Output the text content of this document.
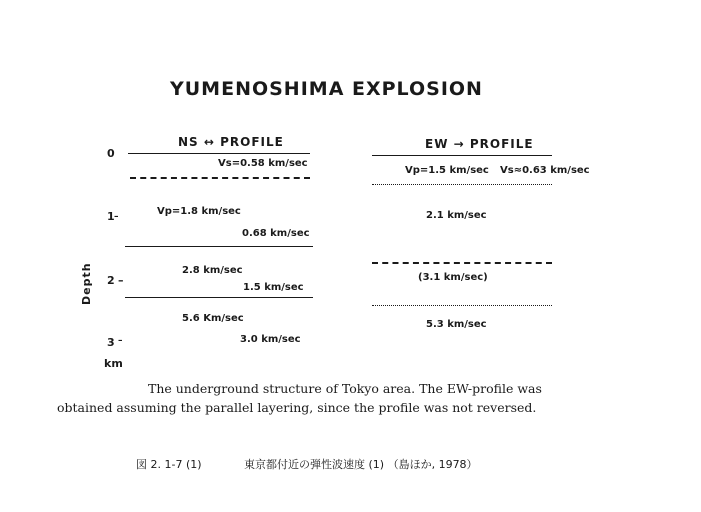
YUMENOSHIMA EXPLOSION
NS ↔ PROFILE	EW → PROFILE
0
1 –
2 –
3 –
km
Depth
Vs=0.58 km/sec
Vp=1.8 km/sec
0.68 km/sec
2.8 km/sec
1.5 km/sec
5.6 Km/sec
3.0 km/sec
Vp=1.5 km/sec Vs≈0.63 km/sec
2.1 km/sec
(3.1 km/sec)
5.3 km/sec
The underground structure of Tokyo area. The EW-profile was
obtained assuming the parallel layering, since the profile was not reversed.
図 2. 1-7 (1)	東京都付近の弾性波速度 (1) （島ほか, 1978）
